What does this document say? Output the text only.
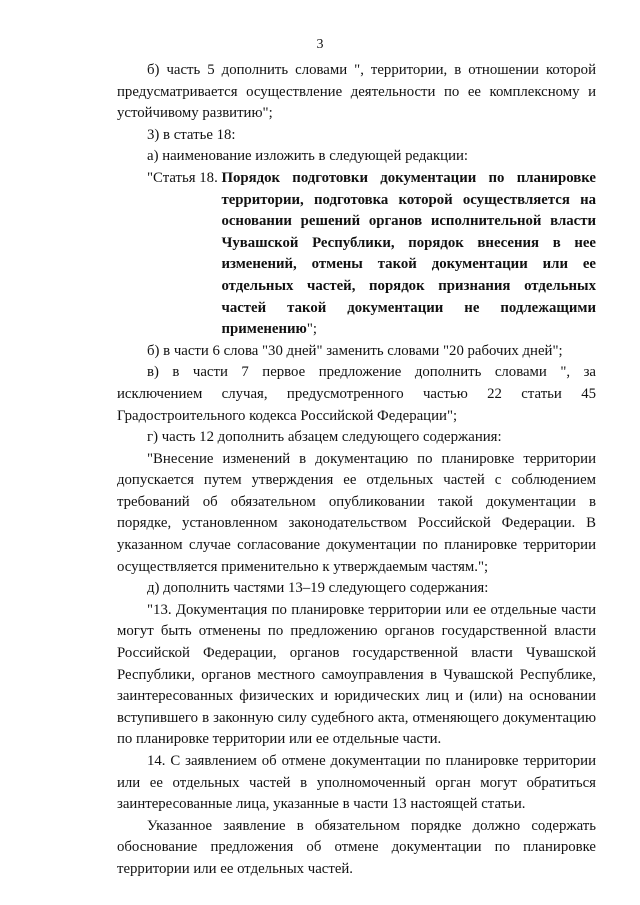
3

б) часть 5 дополнить словами ", территории, в отношении которой предусматривается осуществление деятельности по ее комплексному и устойчивому развитию";

3) в статье 18:

а) наименование изложить в следующей редакции:

"Статья 18. Порядок подготовки документации по планировке территории, подготовка которой осуществляется на основании решений органов исполнительной власти Чувашской Республики, порядок внесения в нее изменений, отмены такой документации или ее отдельных частей, порядок признания отдельных частей такой документации не подлежащими применению";

б) в части 6 слова "30 дней" заменить словами "20 рабочих дней";

в) в части 7 первое предложение дополнить словами ", за исключением случая, предусмотренного частью 22 статьи 45 Градостроительного кодекса Российской Федерации";

г) часть 12 дополнить абзацем следующего содержания:

"Внесение изменений в документацию по планировке территории допускается путем утверждения ее отдельных частей с соблюдением требований об обязательном опубликовании такой документации в порядке, установленном законодательством Российской Федерации. В указанном случае согласование документации по планировке территории осуществляется применительно к утверждаемым частям.";

д) дополнить частями 13–19 следующего содержания:

"13. Документация по планировке территории или ее отдельные части могут быть отменены по предложению органов государственной власти Российской Федерации, органов государственной власти Чувашской Республики, органов местного самоуправления в Чувашской Республике, заинтересованных физических и юридических лиц и (или) на основании вступившего в законную силу судебного акта, отменяющего документацию по планировке территории или ее отдельные части.

14. С заявлением об отмене документации по планировке территории или ее отдельных частей в уполномоченный орган могут обратиться заинтересованные лица, указанные в части 13 настоящей статьи.

Указанное заявление в обязательном порядке должно содержать обоснование предложения об отмене документации по планировке территории или ее отдельных частей.
